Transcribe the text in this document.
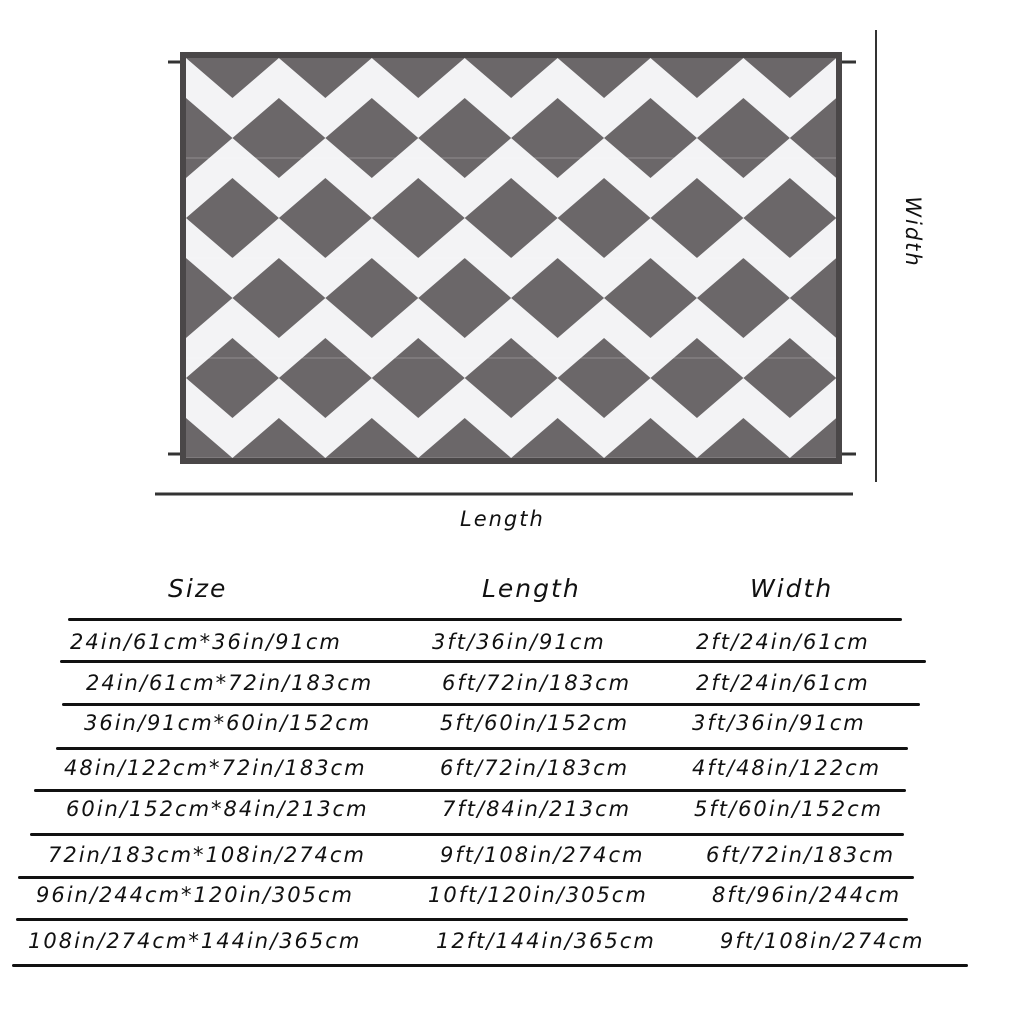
Length
Width
Size	Length	Width
24in/61cm*36in/91cm	3ft/36in/91cm	2ft/24in/61cm
24in/61cm*72in/183cm	6ft/72in/183cm	2ft/24in/61cm
36in/91cm*60in/152cm	5ft/60in/152cm	3ft/36in/91cm
48in/122cm*72in/183cm	6ft/72in/183cm	4ft/48in/122cm
60in/152cm*84in/213cm	7ft/84in/213cm	5ft/60in/152cm
72in/183cm*108in/274cm	9ft/108in/274cm	6ft/72in/183cm
96in/244cm*120in/305cm	10ft/120in/305cm	8ft/96in/244cm
108in/274cm*144in/365cm	12ft/144in/365cm	9ft/108in/274cm
